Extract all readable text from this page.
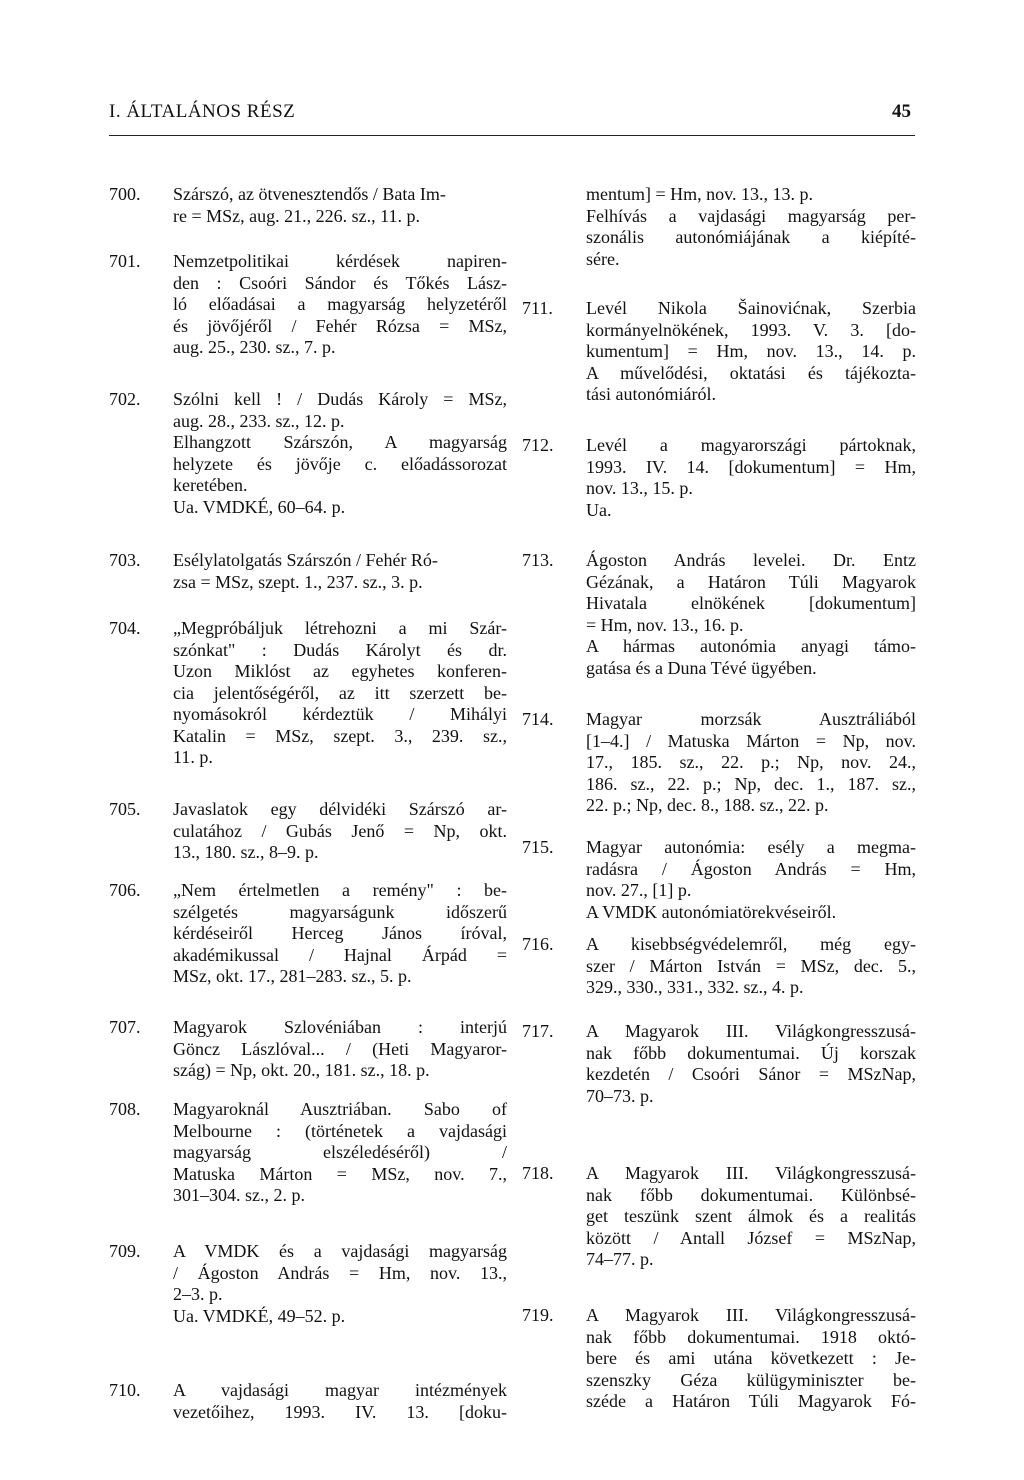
I. ÁLTALÁNOS RÉSZ	45
700.	Szárszó, az ötvenesztendős / Bata Im-
re = MSz, aug. 21., 226. sz., 11. p.
701.	Nemzetpolitikai kérdések napiren-
den : Csoóri Sándor és Tőkés Lász-
ló előadásai a magyarság helyzetéről
és jövőjéről / Fehér Rózsa = MSz,
aug. 25., 230. sz., 7. p.
702.	Szólni kell ! / Dudás Károly = MSz,
aug. 28., 233. sz., 12. p.
Elhangzott Szárszón, A magyarság
helyzete és jövője c. előadássorozat
keretében.
Ua. VMDKÉ, 60–64. p.
703.	Esélylatolgatás Szárszón / Fehér Ró-
zsa = MSz, szept. 1., 237. sz., 3. p.
704.	„Megpróbáljuk létrehozni a mi Szár-
szónkat" : Dudás Károlyt és dr.
Uzon Miklóst az egyhetes konferen-
cia jelentőségéről, az itt szerzett be-
nyomásokról kérdeztük / Mihályi
Katalin = MSz, szept. 3., 239. sz.,
11. p.
705.	Javaslatok egy délvidéki Szárszó ar-
culatához / Gubás Jenő = Np, okt.
13., 180. sz., 8–9. p.
706.	„Nem értelmetlen a remény" : be-
szélgetés magyarságunk időszerű
kérdéseiről Herceg János íróval,
akadémikussal / Hajnal Árpád =
MSz, okt. 17., 281–283. sz., 5. p.
707.	Magyarok Szlovéniában : interjú
Göncz Lászlóval... / (Heti Magyaror-
szág) = Np, okt. 20., 181. sz., 18. p.
708.	Magyaroknál Ausztriában. Sabo of
Melbourne : (történetek a vajdasági
magyarság elszéledéséről) /
Matuska Márton = MSz, nov. 7.,
301–304. sz., 2. p.
709.	A VMDK és a vajdasági magyarság
/ Ágoston András = Hm, nov. 13.,
2–3. p.
Ua. VMDKÉ, 49–52. p.
710.	A vajdasági magyar intézmények
vezetőihez, 1993. IV. 13. [doku-
mentum] = Hm, nov. 13., 13. p.
Felhívás a vajdasági magyarság per-
szonális autonómiájának a kiépíté-
sére.
711.	Levél Nikola Šainovićnak, Szerbia
kormányelnökének, 1993. V. 3. [do-
kumentum] = Hm, nov. 13., 14. p.
A művelődési, oktatási és tájékozta-
tási autonómiáról.
712.	Levél a magyarországi pártoknak,
1993. IV. 14. [dokumentum] = Hm,
nov. 13., 15. p.
Ua.
713.	Ágoston András levelei. Dr. Entz
Gézának, a Határon Túli Magyarok
Hivatala elnökének [dokumentum]
= Hm, nov. 13., 16. p.
A hármas autonómia anyagi támo-
gatása és a Duna Tévé ügyében.
714.	Magyar morzsák Ausztráliából
[1–4.] / Matuska Márton = Np, nov.
17., 185. sz., 22. p.; Np, nov. 24.,
186. sz., 22. p.; Np, dec. 1., 187. sz.,
22. p.; Np, dec. 8., 188. sz., 22. p.
715.	Magyar autonómia: esély a megma-
radásra / Ágoston András = Hm,
nov. 27., [1] p.
A VMDK autonómiatörekvéseiről.
716.	A kisebbségvédelemről, még egy-
szer / Márton István = MSz, dec. 5.,
329., 330., 331., 332. sz., 4. p.
717.	A Magyarok III. Világkongresszusá-
nak főbb dokumentumai. Új korszak
kezdetén / Csoóri Sánor = MSzNap,
70–73. p.
718.	A Magyarok III. Világkongresszusá-
nak főbb dokumentumai. Különbsé-
get teszünk szent álmok és a realitás
között / Antall József = MSzNap,
74–77. p.
719.	A Magyarok III. Világkongresszusá-
nak főbb dokumentumai. 1918 októ-
bere és ami utána következett : Je-
szenszky Géza külügyminiszter be-
széde a Határon Túli Magyarok Fó-
